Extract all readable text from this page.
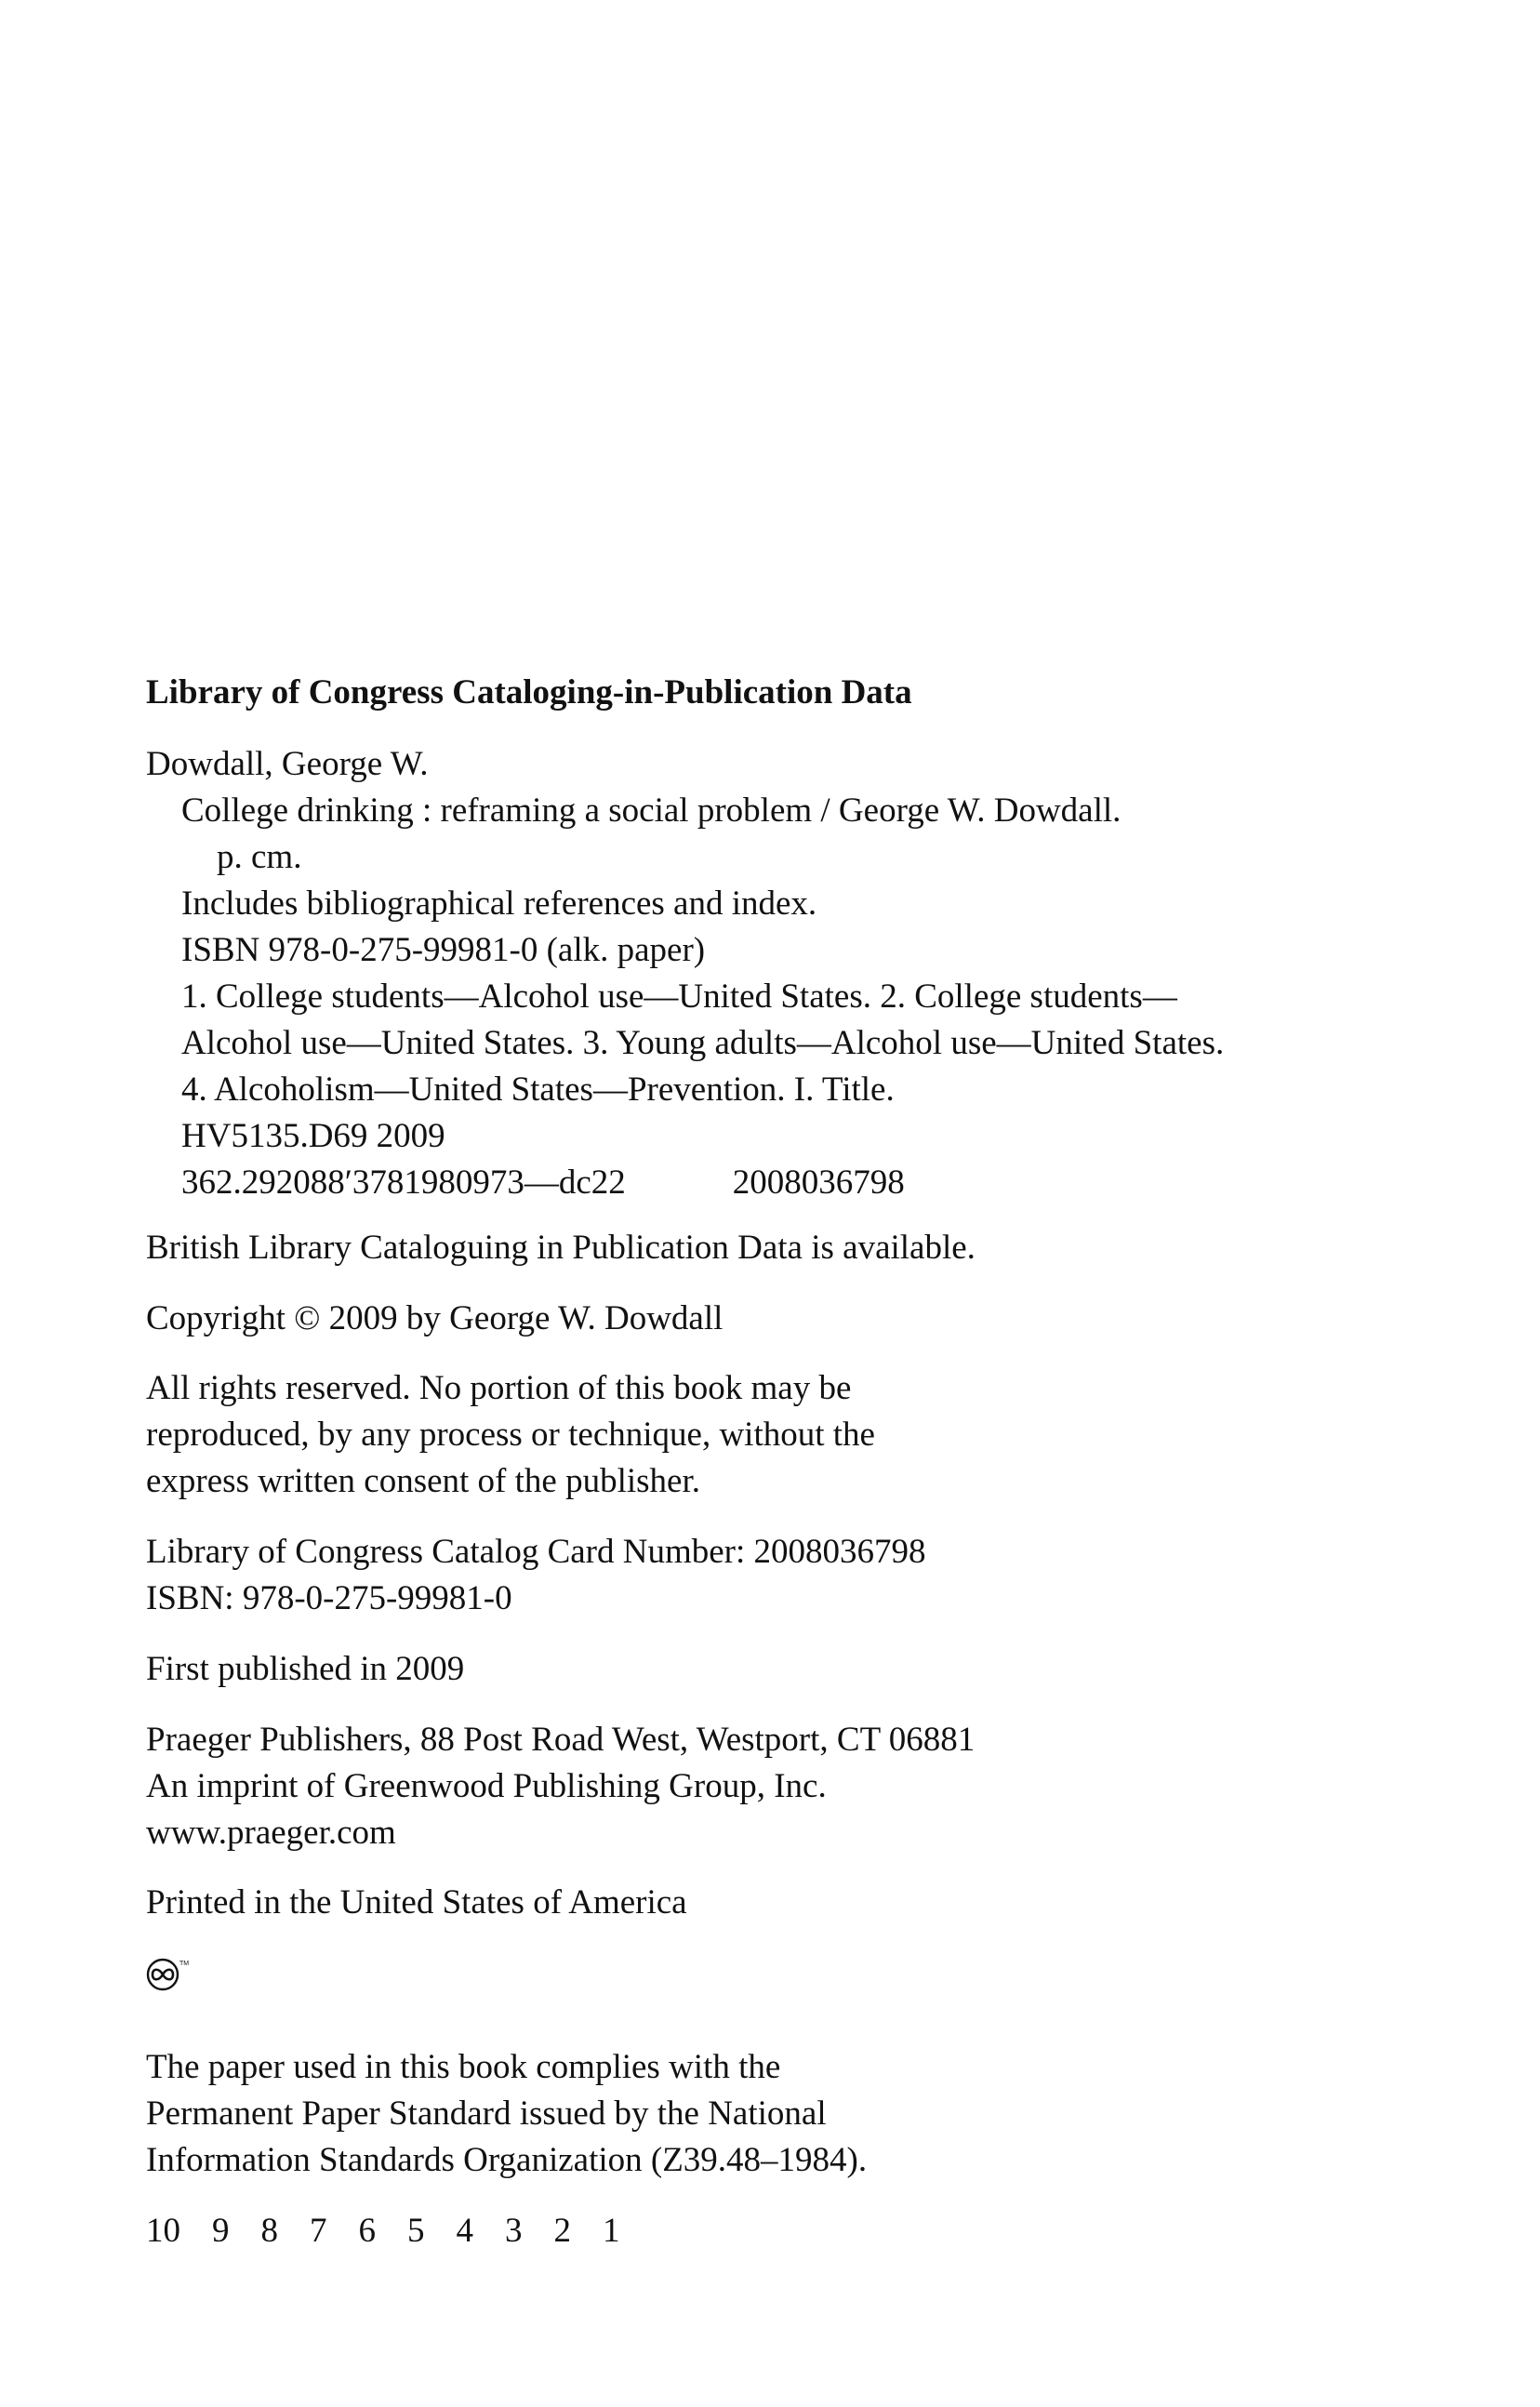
Library of Congress Cataloging-in-Publication Data
Dowdall, George W.
College drinking : reframing a social problem / George W. Dowdall.
p. cm.
Includes bibliographical references and index.
ISBN 978-0-275-99981-0 (alk. paper)
1. College students—Alcohol use—United States. 2. College students—
Alcohol use—United States. 3. Young adults—Alcohol use—United States.
4. Alcoholism—United States—Prevention. I. Title.
HV5135.D69 2009
362.292088′3781980973—dc22	2008036798
British Library Cataloguing in Publication Data is available.
Copyright © 2009 by George W. Dowdall
All rights reserved. No portion of this book may be
reproduced, by any process or technique, without the
express written consent of the publisher.
Library of Congress Catalog Card Number: 2008036798
ISBN: 978-0-275-99981-0
First published in 2009
Praeger Publishers, 88 Post Road West, Westport, CT 06881
An imprint of Greenwood Publishing Group, Inc.
www.praeger.com
Printed in the United States of America
TM
The paper used in this book complies with the
Permanent Paper Standard issued by the National
Information Standards Organization (Z39.48–1984).
10 9 8 7 6 5 4 3 2 1
